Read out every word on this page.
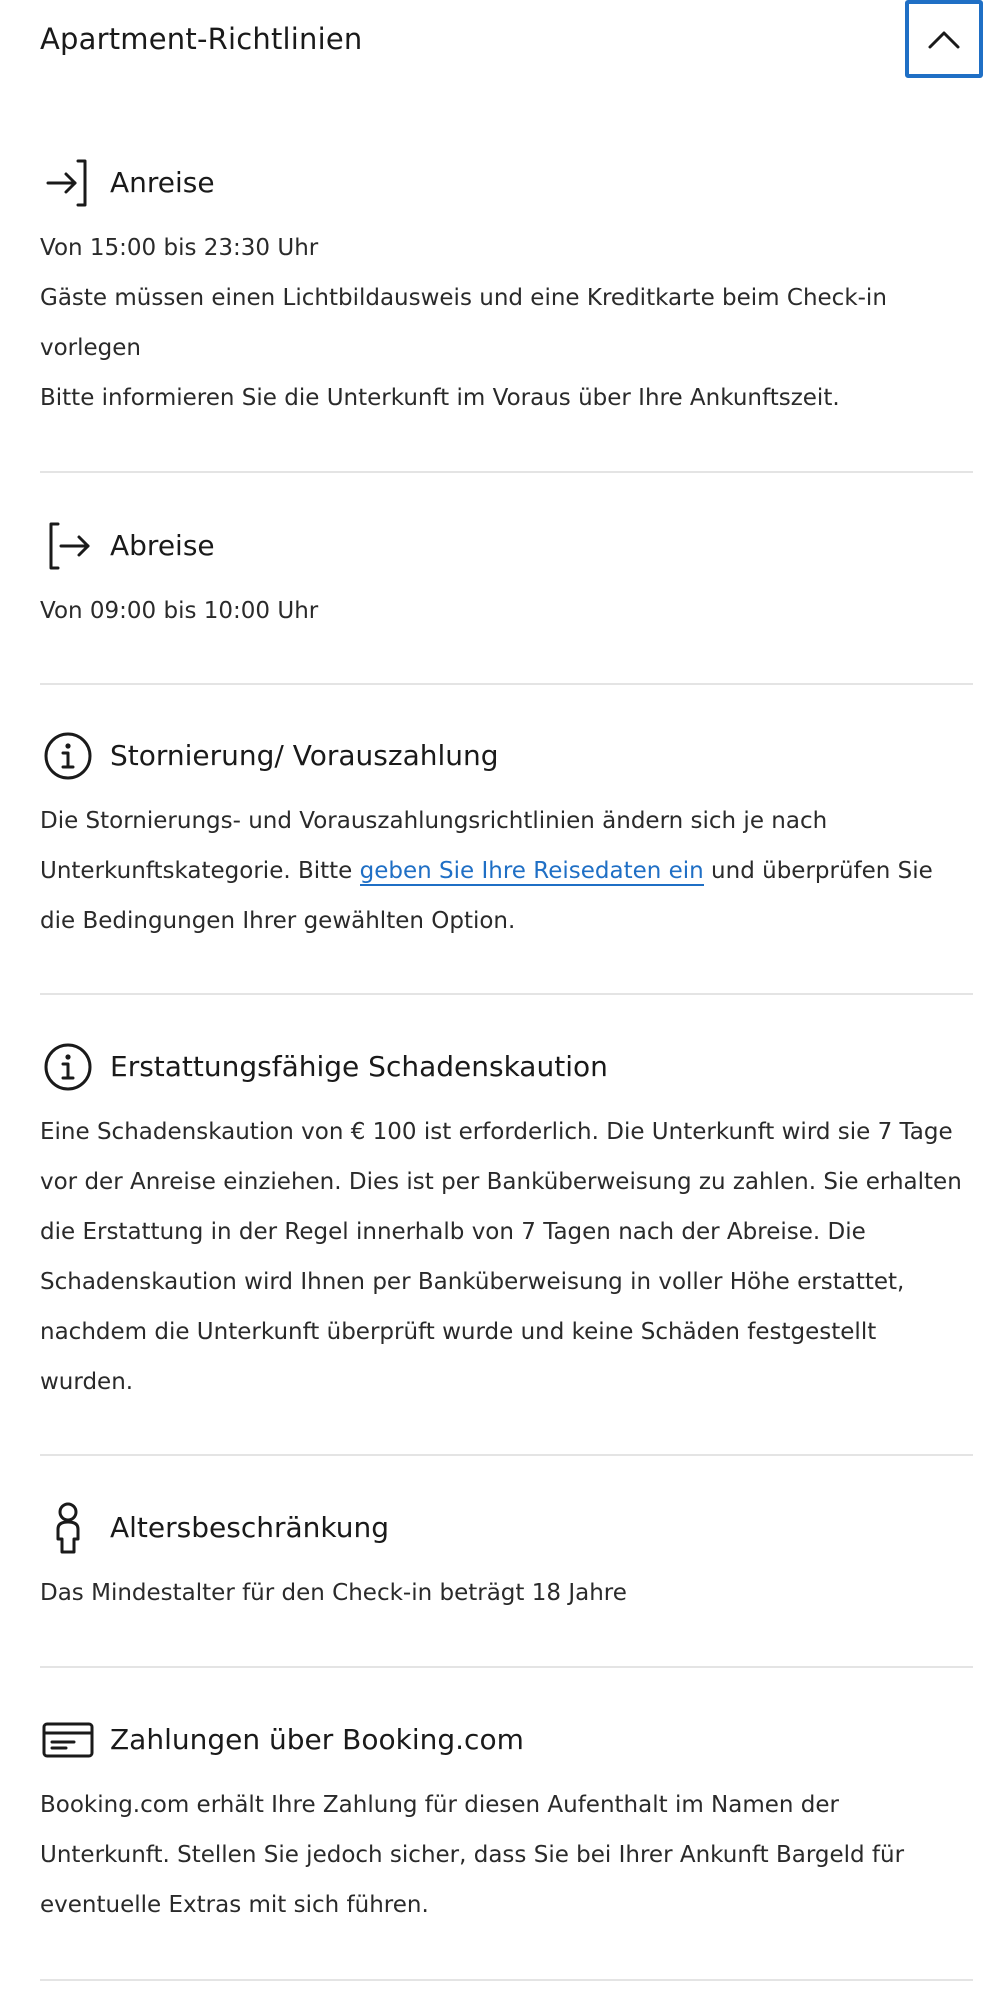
Apartment-Richtlinien
Anreise

Von 15:00 bis 23:30 Uhr

Gäste müssen einen Lichtbildausweis und eine Kreditkarte beim Check-in vorlegen

Bitte informieren Sie die Unterkunft im Voraus über Ihre Ankunftszeit.

Abreise

Von 09:00 bis 10:00 Uhr

Stornierung/ Vorauszahlung

Die Stornierungs- und Vorauszahlungsrichtlinien ändern sich je nach Unterkunftskategorie. Bitte geben Sie Ihre Reisedaten ein und überprüfen Sie die Bedingungen Ihrer gewählten Option.

Erstattungsfähige Schadenskaution

Eine Schadenskaution von € 100 ist erforderlich. Die Unterkunft wird sie 7 Tage vor der Anreise einziehen. Dies ist per Banküberweisung zu zahlen. Sie erhalten die Erstattung in der Regel innerhalb von 7 Tagen nach der Abreise. Die Schadenskaution wird Ihnen per Banküberweisung in voller Höhe erstattet, nachdem die Unterkunft überprüft wurde und keine Schäden festgestellt wurden.

Altersbeschränkung

Das Mindestalter für den Check-in beträgt 18 Jahre

Zahlungen über Booking.com

Booking.com erhält Ihre Zahlung für diesen Aufenthalt im Namen der Unterkunft. Stellen Sie jedoch sicher, dass Sie bei Ihrer Ankunft Bargeld für eventuelle Extras mit sich führen.
